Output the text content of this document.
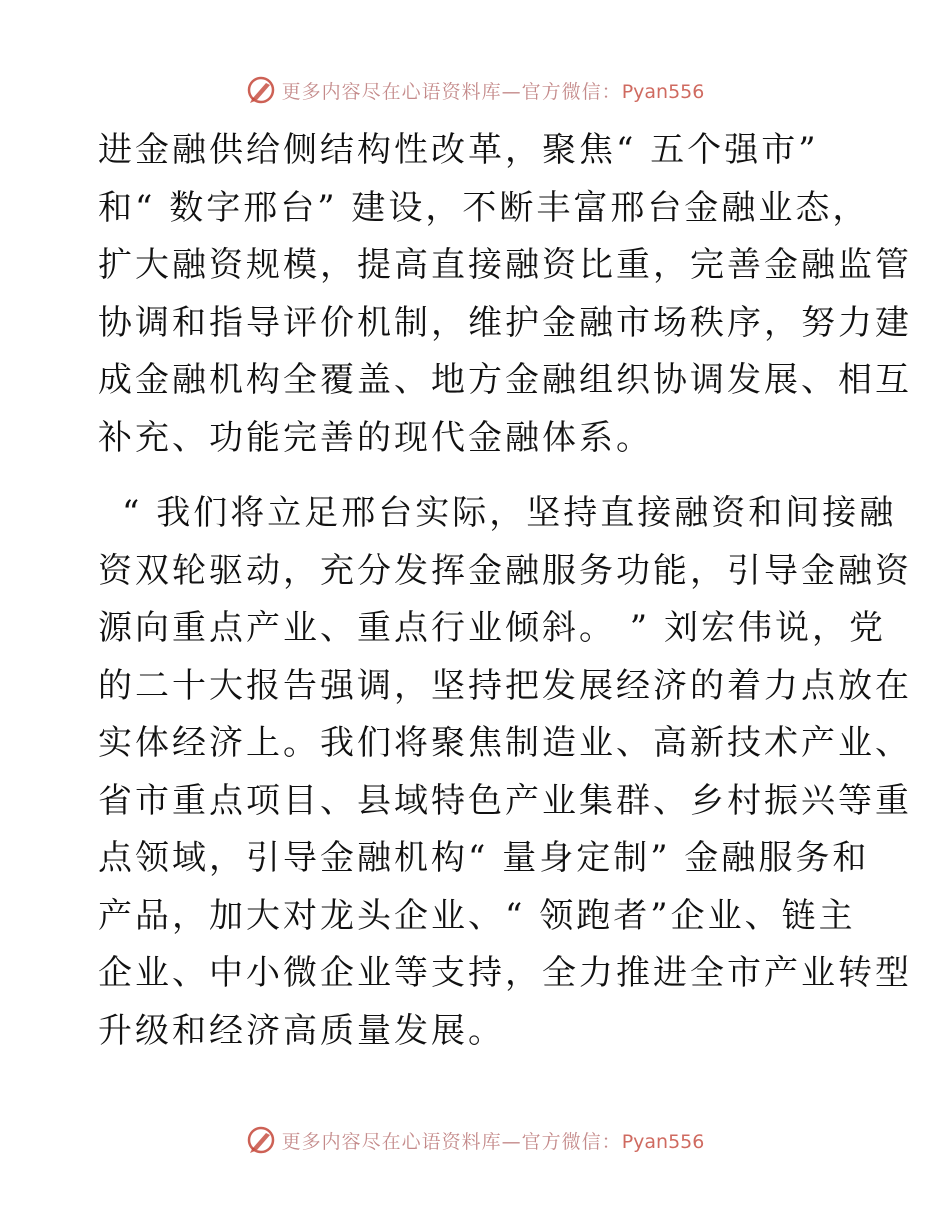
更多内容尽在心语资料库—官方微信：Pyan556

进金融供给侧结构性改革，聚焦“ 五个强市”
和“ 数字邢台” 建设，不断丰富邢台金融业态，
扩大融资规模，提高直接融资比重，完善金融监管
协调和指导评价机制，维护金融市场秩序，努力建
成金融机构全覆盖、地方金融组织协调发展、相互
补充、功能完善的现代金融体系。

“ 我们将立足邢台实际，坚持直接融资和间接融
资双轮驱动，充分发挥金融服务功能，引导金融资
源向重点产业、重点行业倾斜。 ” 刘宏伟说，党
的二十大报告强调，坚持把发展经济的着力点放在
实体经济上。我们将聚焦制造业、高新技术产业、
省市重点项目、县域特色产业集群、乡村振兴等重
点领域，引导金融机构“ 量身定制” 金融服务和
产品，加大对龙头企业、“ 领跑者”企业、链主
企业、中小微企业等支持，全力推进全市产业转型
升级和经济高质量发展。

更多内容尽在心语资料库—官方微信：Pyan556
